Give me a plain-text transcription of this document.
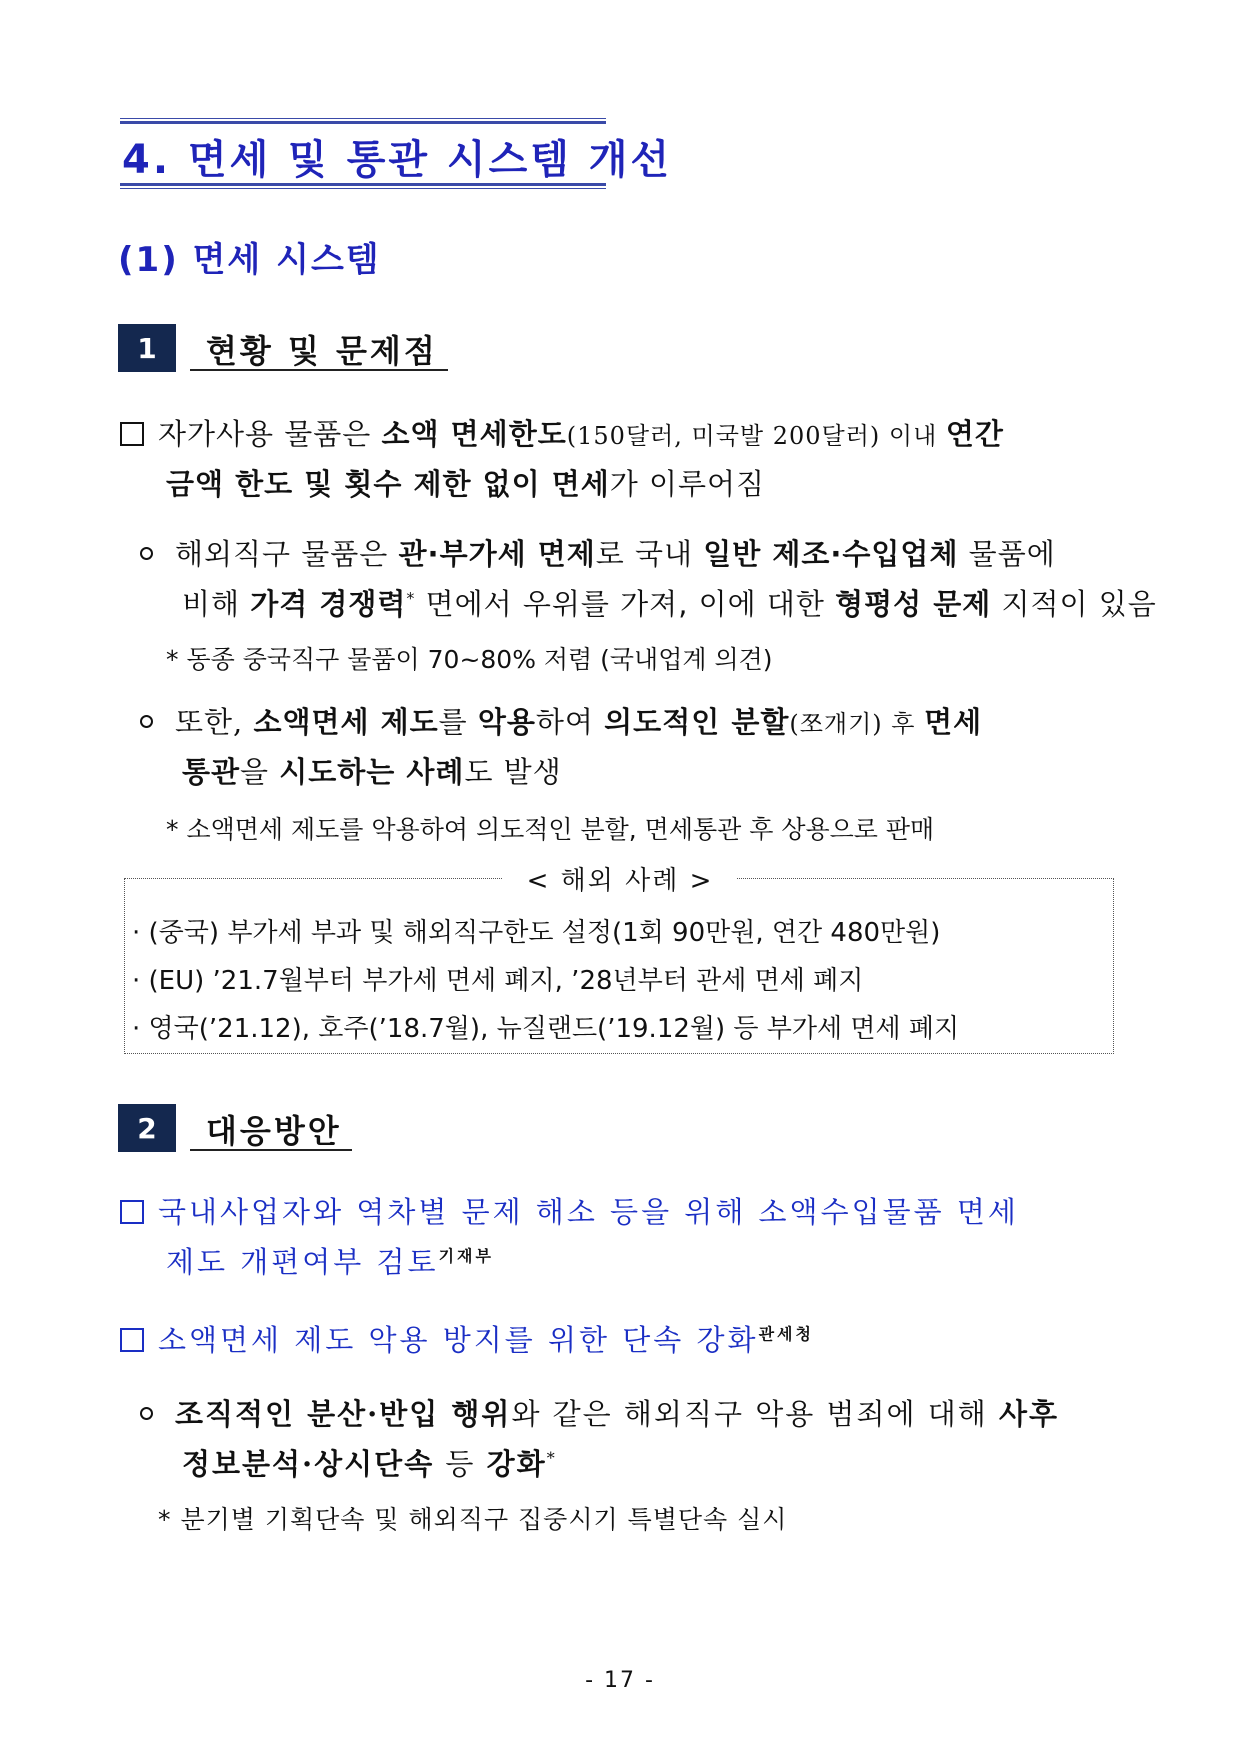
4. 면세 및 통관 시스템 개선
(1) 면세 시스템
1	현황 및 문제점
자가사용 물품은 소액 면세한도(150달러, 미국발 200달러) 이내 연간
금액 한도 및 횟수 제한 없이 면세가 이루어짐
해외직구 물품은 관·부가세 면제로 국내 일반 제조·수입업체 물품에
비해 가격 경쟁력* 면에서 우위를 가져, 이에 대한 형평성 문제 지적이 있음
* 동종 중국직구 물품이 70~80% 저렴 (국내업계 의견)
또한, 소액면세 제도를 악용하여 의도적인 분할(쪼개기) 후 면세
통관을 시도하는 사례도 발생
* 소액면세 제도를 악용하여 의도적인 분할, 면세통관 후 상용으로 판매
< 해외 사례 >
· (중국) 부가세 부과 및 해외직구한도 설정(1회 90만원, 연간 480만원)
· (EU) ’21.7월부터 부가세 면세 폐지, ’28년부터 관세 면세 폐지
· 영국(’21.12), 호주(’18.7월), 뉴질랜드(’19.12월) 등 부가세 면세 폐지
2	대응방안
국내사업자와 역차별 문제 해소 등을 위해 소액수입물품 면세
제도 개편여부 검토$^{기재부}$
소액면세 제도 악용 방지를 위한 단속 강화$^{관세청}$
조직적인 분산·반입 행위와 같은 해외직구 악용 범죄에 대해 사후
정보분석·상시단속 등 강화*
* 분기별 기획단속 및 해외직구 집중시기 특별단속 실시
- 17 -
